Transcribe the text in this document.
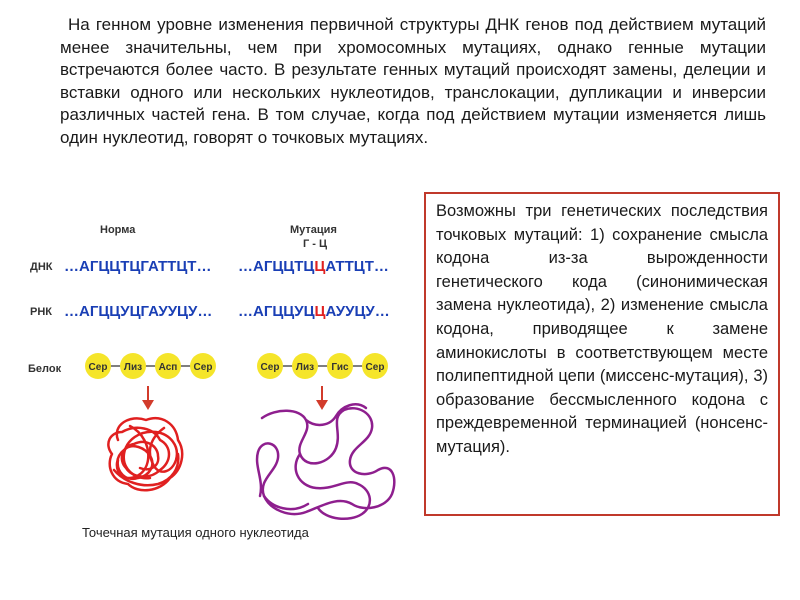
На генном уровне изменения первичной структуры ДНК генов под действием мутаций менее значительны, чем при хромосомных мутациях, однако генные мутации встречаются более часто. В результате генных мутаций происходят замены, делеции и вставки одного или нескольких нуклеотидов, транслокации, дупликации и инверсии различных частей гена. В том случае, когда под действием мутации изменяется лишь один нуклеотид, говорят о точковых мутациях.

Норма	Мутация
Г - Ц
ДНК
РНК
Белок
…АГЦЦТЦГАТТЦТ…
…АГЦЦУЦГАУУЦУ…
…АГЦЦТЦЦАТТЦТ…
…АГЦЦУЦЦАУУЦУ…
Сер Лиз Асп Сер	Сер Лиз Гис Сер

Точечная мутация одного нуклеотида

Возможны три генетических последствия точковых мутаций: 1) сохранение смысла кодона из-за вырожденности генетического кода (синонимическая замена нуклеотида), 2) изменение смысла кодона, приводящее к замене аминокислоты в соответствующем месте полипептидной цепи (миссенс-мутация), 3) образование бессмысленного кодона с преждевременной терминацией (нонсенс-мутация).
